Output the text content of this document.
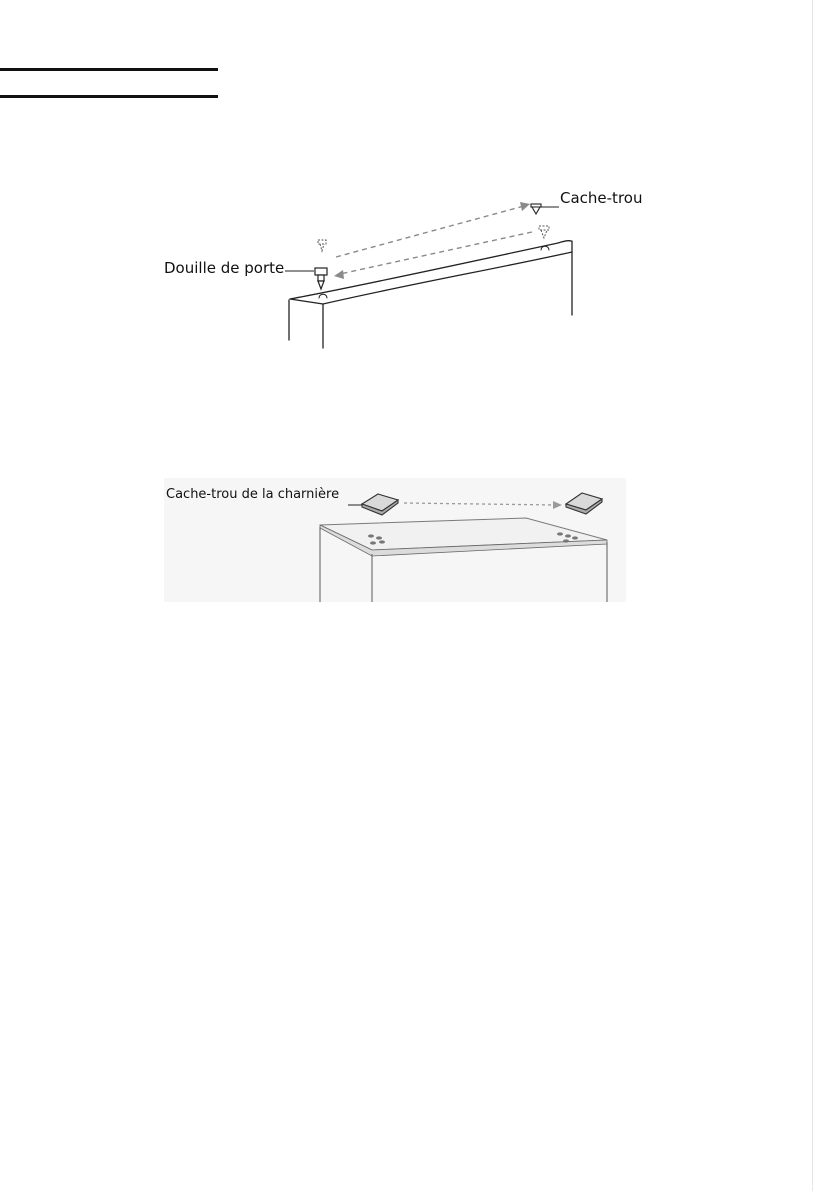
Douille de porte
Cache-trou
Cache-trou de la charnière
